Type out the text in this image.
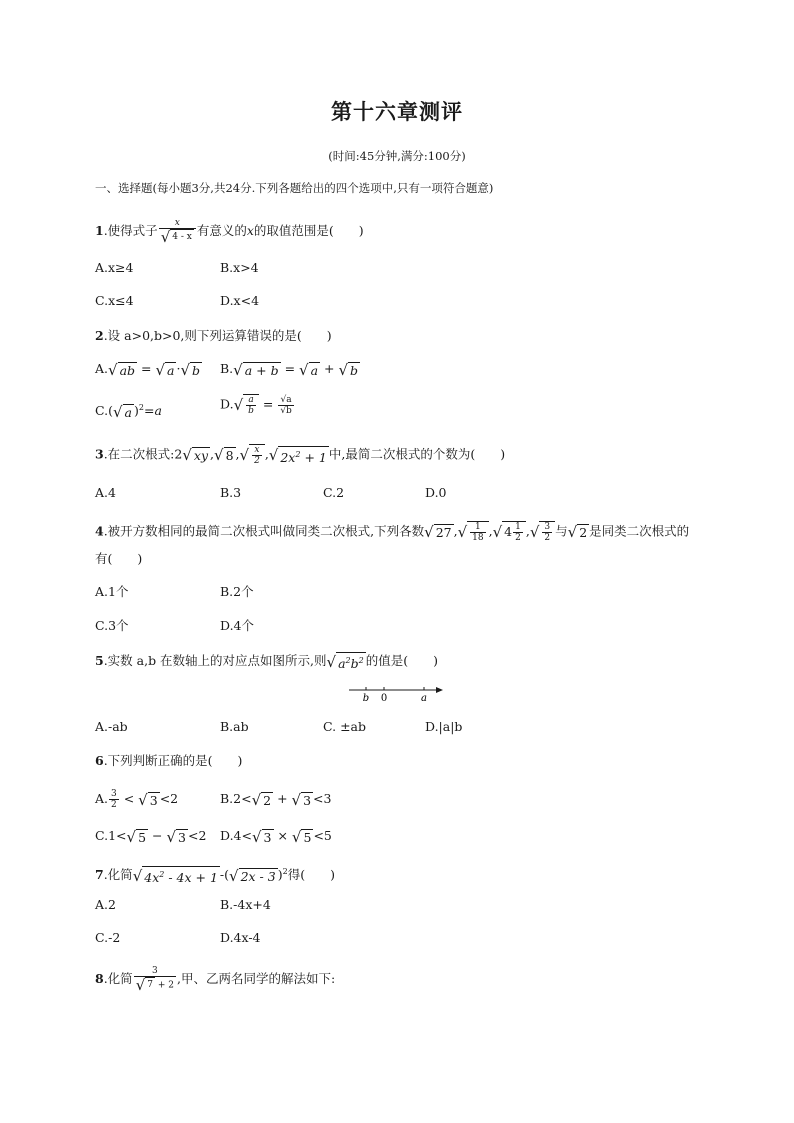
第十六章测评
(时间:45分钟,满分:100分)
一、选择题(每小题3分,共24分.下列各题给出的四个选项中,只有一项符合题意)
1.使得式子 $\frac{x}{√ 4 - x}$ 有意义的x的取值范围是(　　)
A.x≥4	B.x>4
C.x≤4	D.x<4
2.设 a>0,b>0,则下列运算错误的是(　　)
A.√ ab = √ a ·√ b B.√ a + b = √ a + √ b
C.(√ a )$^2$=a	$D.√ \frac{a}{b} = \frac{√a}{√b}$
3.在二次根式:2√ xy ,√ 8 ,√ $\frac{x}{2}$ ,√ $2x^2 + 1$ 中,最简二次根式的个数为(　　)
A.4	B.3	C.2	D.0
4.被开方数相同的最简二次根式叫做同类二次根式,下列各数√ 27 ,√ $\frac{1}{18}$ ,√ $4 \frac{1}{2}$ ,√ $\frac{3}{2}$ 与√ 2 是同类二次根式的
有(　　)
A.1个	B.2个
C.3个	D.4个
5.实数 a,b 在数轴上的对应点如图所示,则√ $a^2b^2$ 的值是(　　)
b 0	a
A.-ab	B.ab	C. ±ab	D.|a|b
6.下列判断正确的是(　　)
A. $\frac{3}{2}$ < √ 3 <2	B.2<√ 2 + √ 3 <3
C.1<√ 5 − √ 3 <2 D.4<√ 3 × √ 5 <5
7.化简√ $4x^2 - 4x + 1$ -(√ 2x - 3 )$^2$得(　　)
A.2	B.-4x+4
C.-2	D.4x-4
8.化简 $\frac{3}{√ 7 + 2}$ ,甲、乙两名同学的解法如下:
